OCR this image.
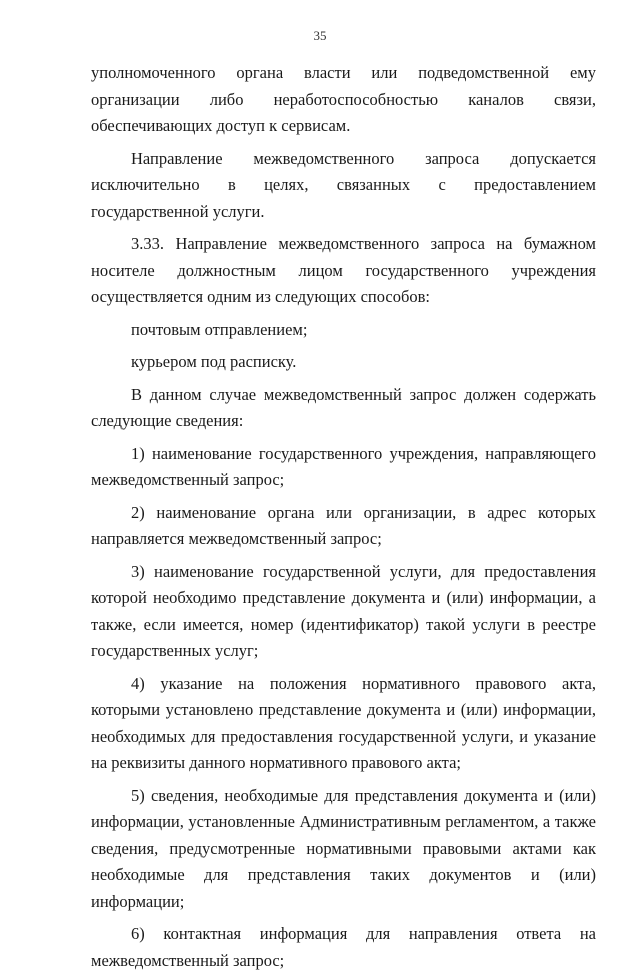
35

уполномоченного органа власти или подведомственной ему организации либо неработоспособностью каналов связи, обеспечивающих доступ к сервисам.

Направление межведомственного запроса допускается исключительно в целях, связанных с предоставлением государственной услуги.

3.33. Направление межведомственного запроса на бумажном носителе должностным лицом государственного учреждения осуществляется одним из следующих способов:

почтовым отправлением;

курьером под расписку.

В данном случае межведомственный запрос должен содержать следующие сведения:

1) наименование государственного учреждения, направляющего межведомственный запрос;

2) наименование органа или организации, в адрес которых направляется межведомственный запрос;

3) наименование государственной услуги, для предоставления которой необходимо представление документа и (или) информации, а также, если имеется, номер (идентификатор) такой услуги в реестре государственных услуг;

4) указание на положения нормативного правового акта, которыми установлено представление документа и (или) информации, необходимых для предоставления государственной услуги, и указание на реквизиты данного нормативного правового акта;

5) сведения, необходимые для представления документа и (или) информации, установленные Административным регламентом, а также сведения, предусмотренные нормативными правовыми актами как необходимые для представления таких документов и (или) информации;

6) контактная информация для направления ответа на межведомственный запрос;
